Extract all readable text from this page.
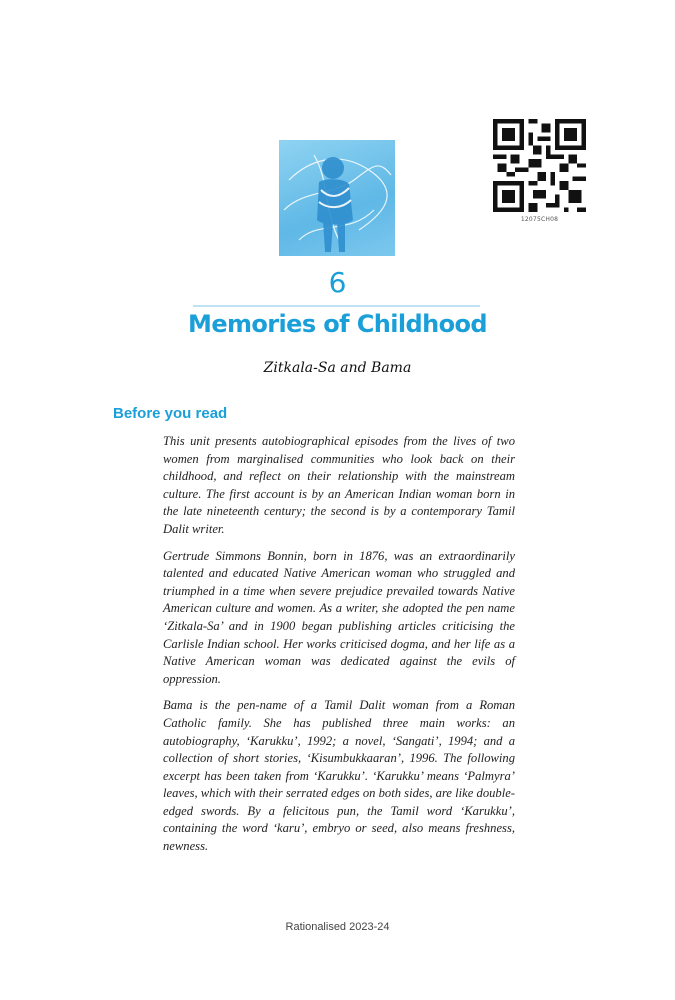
12075CH08
6
Memories of Childhood
Zitkala-Sa and Bama
Before you read

This unit presents autobiographical episodes from the lives of two women from marginalised communities who look back on their childhood, and reflect on their relationship with the mainstream culture. The first account is by an American Indian woman born in the late nineteenth century; the second is by a contemporary Tamil Dalit writer.

Gertrude Simmons Bonnin, born in 1876, was an extraordinarily talented and educated Native American woman who struggled and triumphed in a time when severe prejudice prevailed towards Native American culture and women. As a writer, she adopted the pen name ‘Zitkala-Sa’ and in 1900 began publishing articles criticising the Carlisle Indian school. Her works criticised dogma, and her life as a Native American woman was dedicated against the evils of oppression.

Bama is the pen-name of a Tamil Dalit woman from a Roman Catholic family. She has published three main works: an autobiography, ‘Karukku’, 1992; a novel, ‘Sangati’, 1994; and a collection of short stories, ‘Kisumbukkaaran’, 1996. The following excerpt has been taken from ‘Karukku’. ‘Karukku’ means ‘Palmyra’ leaves, which with their serrated edges on both sides, are like double-edged swords. By a felicitous pun, the Tamil word ‘Karukku’, containing the word ‘karu’, embryo or seed, also means freshness, newness.

Rationalised 2023-24
